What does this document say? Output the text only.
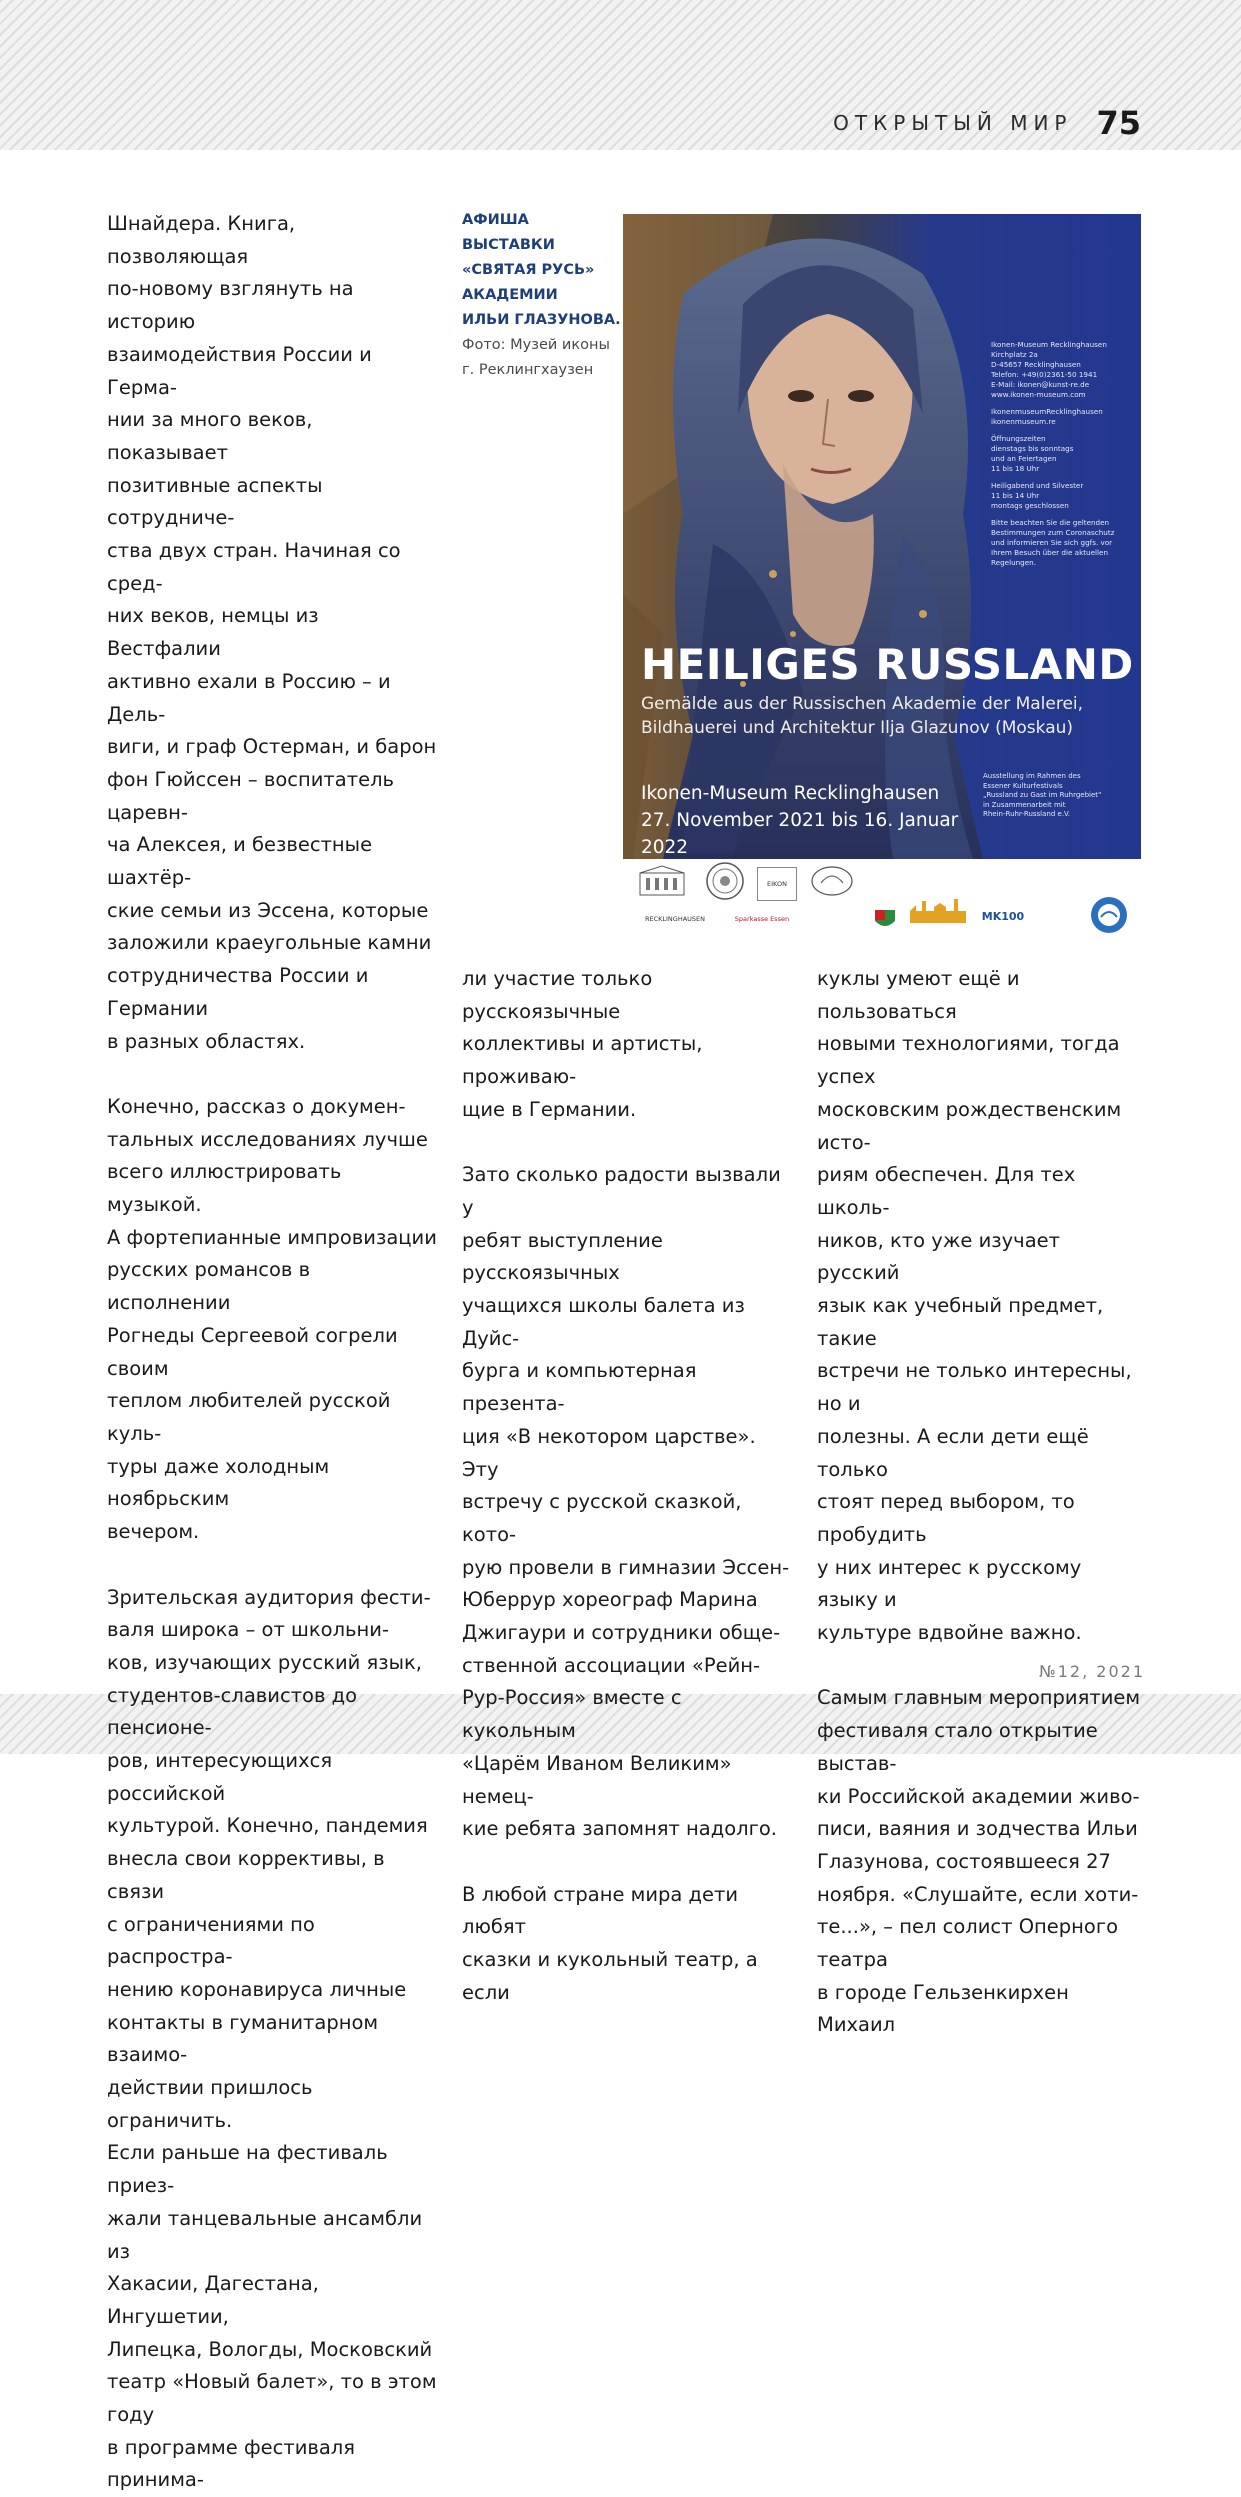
ОТКРЫТЫЙ МИР 75

Шнайдера. Книга, позволяющая
по-новому взглянуть на историю
взаимодействия России и Герма-
нии за много веков, показывает
позитивные аспекты сотрудниче-
ства двух стран. Начиная со сред-
них веков, немцы из Вестфалии
активно ехали в Россию – и Дель-
виги, и граф Остерман, и барон
фон Гюйссен – воспитатель царевн-
ча Алексея, и безвестные шахтёр-
ские семьи из Эссена, которые
заложили краеугольные камни
сотрудничества России и Германии
в разных областях.

Конечно, рассказ о докумен-
тальных исследованиях лучше
всего иллюстрировать музыкой.
А фортепианные импровизации
русских романсов в исполнении
Рогнеды Сергеевой согрели своим
теплом любителей русской куль-
туры даже холодным ноябрьским
вечером.

Зрительская аудитория фести-
валя широка – от школьни-
ков, изучающих русский язык,
студентов-славистов до пенсионе-
ров, интересующихся российской
культурой. Конечно, пандемия
внесла свои коррективы, в связи
с ограничениями по распростра-
нению коронавируса личные
контакты в гуманитарном взаимо-
действии пришлось ограничить.
Если раньше на фестиваль приез-
жали танцевальные ансамбли из
Хакасии, Дагестана, Ингушетии,
Липецка, Вологды, Московский
театр «Новый балет», то в этом году
в программе фестиваля принима-

АФИША ВЫСТАВКИ
«СВЯТАЯ РУСЬ»
АКАДЕМИИ
ИЛЬИ ГЛАЗУНОВА.
Фото: Музей иконы
г. Реклингхаузен
Ikonen-Museum Recklinghausen
Kirchplatz 2a
D-45657 Recklinghausen
Telefon: +49(0)2361-50 1941
E-Mail: ikonen@kunst-re.de
www.ikonen-museum.com
IkonenmuseumRecklinghausen
ikonenmuseum.re
Öffnungszeiten
dienstags bis sonntags
und an Feiertagen
11 bis 18 Uhr
Heiligabend und Silvester
11 bis 14 Uhr
montags geschlossen
Bitte beachten Sie die geltenden
Bestimmungen zum Coronaschutz
und informieren Sie sich ggfs. vor
Ihrem Besuch über die aktuellen
Regelungen.
HEILIGES RUSSLAND
Gemälde aus der Russischen Akademie der Malerei,
Bildhauerei und Architektur Ilja Glazunov (Moskau)
Ikonen-Museum Recklinghausen
27. November 2021 bis 16. Januar 2022
Ausstellung im Rahmen des
Essener Kulturfestivals
„Russland zu Gast im Ruhrgebiet“
in Zusammenarbeit mit
Rhein-Ruhr-Russland e.V.
EIKON
RECKLINGHAUSEN	Sparkasse Essen	MK100

ли участие только русскоязычные
коллективы и артисты, проживаю-
щие в Германии.

Зато сколько радости вызвали у
ребят выступление русскоязычных
учащихся школы балета из Дуйс-
бурга и компьютерная презента-
ция «В некотором царстве». Эту
встречу с русской сказкой, кото-
рую провели в гимназии Эссен-
Юберрур хореограф Марина
Джигаури и сотрудники обще-
ственной ассоциации «Рейн-
Рур-Россия» вместе с кукольным
«Царём Иваном Великим» немец-
кие ребята запомнят надолго.

В любой стране мира дети любят
сказки и кукольный театр, а если

куклы умеют ещё и пользоваться
новыми технологиями, тогда успех
московским рождественским исто-
риям обеспечен. Для тех школь-
ников, кто уже изучает русский
язык как учебный предмет, такие
встречи не только интересны, но и
полезны. А если дети ещё только
стоят перед выбором, то пробудить
у них интерес к русскому языку и
культуре вдвойне важно.

Самым главным мероприятием
фестиваля стало открытие выстав-
ки Российской академии живо-
писи, ваяния и зодчества Ильи
Глазунова, состоявшееся 27
ноября. «Слушайте, если хоти-
те...», – пел солист Оперного театра
в городе Гельзенкирхен Михаил

№12, 2021
